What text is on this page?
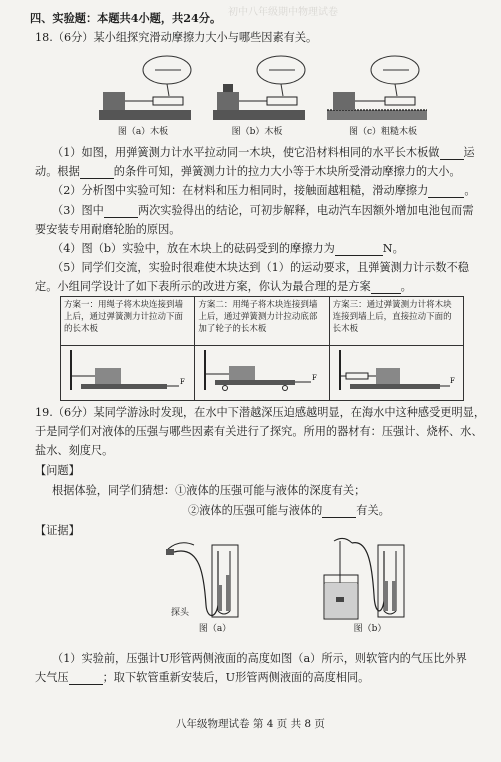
初中八年级期中物理试卷
四、实验题：本题共4小题，共24分。
18.（6分）某小组探究滑动摩擦力大小与哪些因素有关。
图（a）木板	图（b）木板	图（c）粗糙木板
（1）如图，用弹簧测力计水平拉动同一木块，使它沿材料相同的水平长木板做 运
动。根据	的条件可知，弹簧测力计的拉力大小等于木块所受滑动摩擦力的大小。
（2）分析图中实验可知：在材料和压力相同时，接触面越粗糙，滑动摩擦力	。
（3）图中	两次实验得出的结论，可初步解释，电动汽车因额外增加电池包而需
要安装专用耐磨轮胎的原因。
（4）图（b）实验中，放在木块上的砝码受到的摩擦力为	N。
（5）同学们交流，实验时很难使木块达到（1）的运动要求，且弹簧测力计示数不稳
定。小组同学设计了如下表所示的改进方案，你认为最合理的是方案	。
方案一：用绳子将木块连接到墙上后，通过弹簧测力计拉动下面的长木板	方案二：用绳子将木块连接到墙上后，通过弹簧测力计拉动底部加了轮子的长木板	方案三：通过弹簧测力计将木块连接到墙上后，直接拉动下面的长木板

F	F	F
19.（6分）某同学游泳时发现，在水中下潜越深压迫感越明显，在海水中这种感受更明显，
于是同学们对液体的压强与哪些因素有关进行了探究。所用的器材有：压强计、烧杯、水、
盐水、刻度尺。
【问题】
根据体验，同学们猜想：①液体的压强可能与液体的深度有关；
②液体的压强可能与液体的	有关。
【证据】
探头
图（a）	图（b）
（1）实验前，压强计U形管两侧液面的高度如图（a）所示，则软管内的气压比外界
大气压	；取下软管重新安装后，U形管两侧液面的高度相同。
八年级物理试卷 第 4 页 共 8 页
